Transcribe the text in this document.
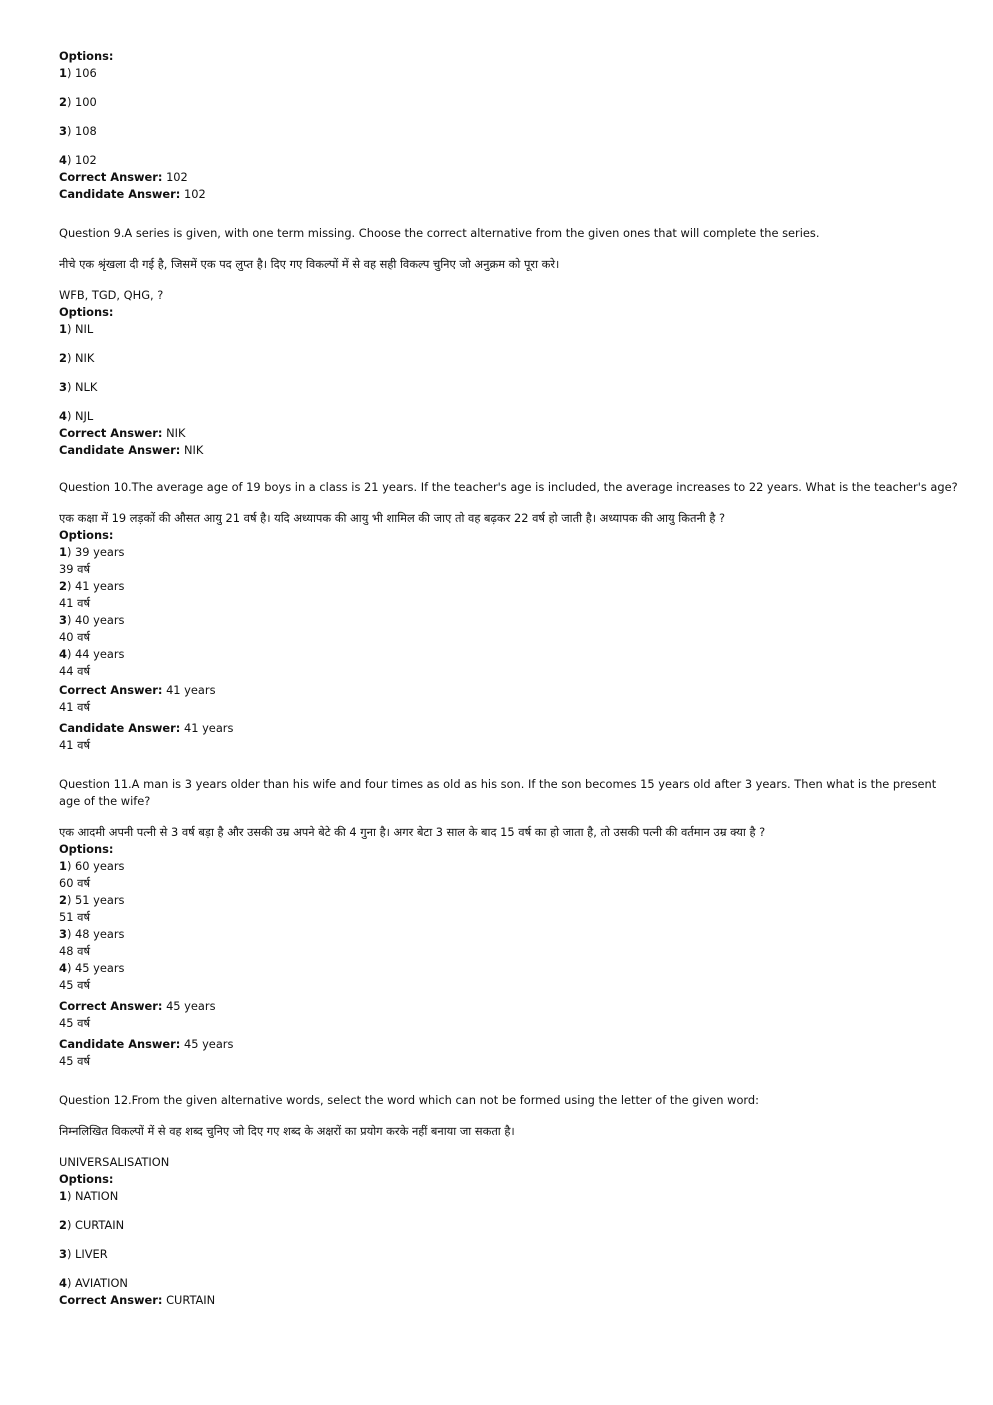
Options:

1) 106

2) 100

3) 108

4) 102

Correct Answer: 102

Candidate Answer: 102

Question 9.A series is given, with one term missing. Choose the correct alternative from the given ones that will complete the series.

नीचे एक श्रृंखला दी गई है, जिसमें एक पद लुप्त है। दिए गए विकल्पों में से वह सही विकल्प चुनिए जो अनुक्रम को पूरा करे।

WFB, TGD, QHG, ?

Options:

1) NIL

2) NIK

3) NLK

4) NJL

Correct Answer: NIK

Candidate Answer: NIK

Question 10.The average age of 19 boys in a class is 21 years. If the teacher's age is included, the average increases to 22 years. What is the teacher's age?

एक कक्षा में 19 लड़कों की औसत आयु 21 वर्ष है। यदि अध्यापक की आयु भी शामिल की जाए तो वह बढ़कर 22 वर्ष हो जाती है। अध्यापक की आयु कितनी है ?

Options:

1) 39 years

39 वर्ष

2) 41 years

41 वर्ष

3) 40 years

40 वर्ष

4) 44 years

44 वर्ष

Correct Answer: 41 years

41 वर्ष

Candidate Answer: 41 years

41 वर्ष

Question 11.A man is 3 years older than his wife and four times as old as his son. If the son becomes 15 years old after 3 years. Then what is the present age of the wife?

एक आदमी अपनी पत्नी से 3 वर्ष बड़ा है और उसकी उम्र अपने बेटे की 4 गुना है। अगर बेटा 3 साल के बाद 15 वर्ष का हो जाता है, तो उसकी पत्नी की वर्तमान उम्र क्या है ?

Options:

1) 60 years

60 वर्ष

2) 51 years

51 वर्ष

3) 48 years

48 वर्ष

4) 45 years

45 वर्ष

Correct Answer: 45 years

45 वर्ष

Candidate Answer: 45 years

45 वर्ष

Question 12.From the given alternative words, select the word which can not be formed using the letter of the given word:

निम्नलिखित विकल्पों में से वह शब्द चुनिए जो दिए गए शब्द के अक्षरों का प्रयोग करके नहीं बनाया जा सकता है।

UNIVERSALISATION

Options:

1) NATION

2) CURTAIN

3) LIVER

4) AVIATION

Correct Answer: CURTAIN
